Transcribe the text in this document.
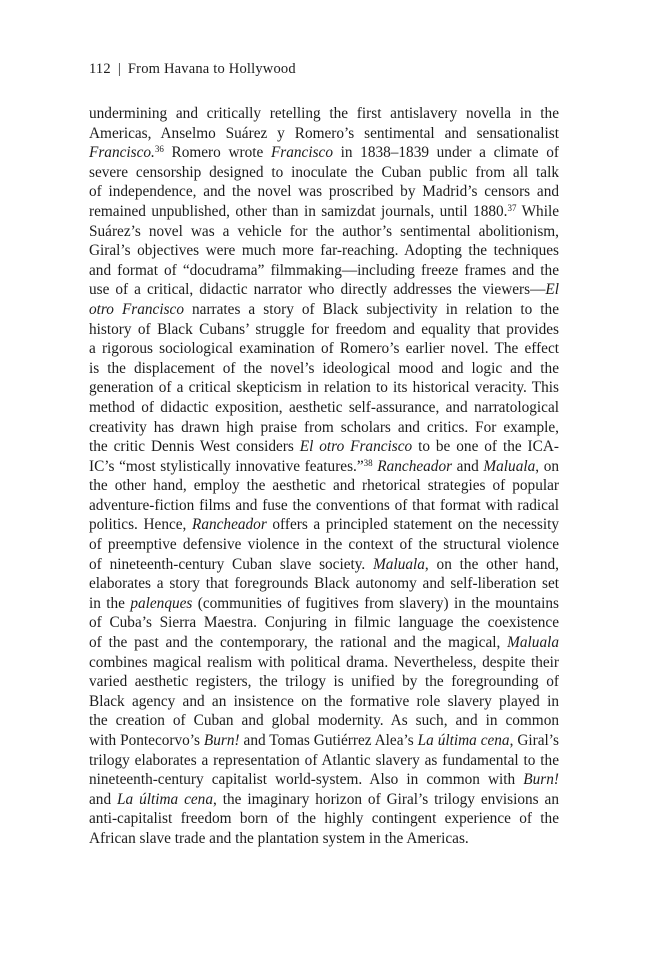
112 | From Havana to Hollywood
undermining and critically retelling the first antislavery novella in the
Americas, Anselmo Suárez y Romero’s sentimental and sensationalist
Francisco.$^{36}$ Romero wrote Francisco in 1838–1839 under a climate of
severe censorship designed to inoculate the Cuban public from all talk
of independence, and the novel was proscribed by Madrid’s censors and
remained unpublished, other than in samizdat journals, until 1880.37 While
Suárez’s novel was a vehicle for the author’s sentimental abolitionism,
Giral’s objectives were much more far-reaching. Adopting the techniques
and format of “docudrama” filmmaking—including freeze frames and the
use of a critical, didactic narrator who directly addresses the viewers—El
otro Francisco narrates a story of Black subjectivity in relation to the
history of Black Cubans’ struggle for freedom and equality that provides
a rigorous sociological examination of Romero’s earlier novel. The effect
is the displacement of the novel’s ideological mood and logic and the
generation of a critical skepticism in relation to its historical veracity. This
method of didactic exposition, aesthetic self-assurance, and narratological
creativity has drawn high praise from scholars and critics. For example,
the critic Dennis West considers El otro Francisco to be one of the ICA-
IC’s “most stylistically innovative features.”$^{38}$ Rancheador and Maluala, on
the other hand, employ the aesthetic and rhetorical strategies of popular
adventure-fiction films and fuse the conventions of that format with radical
politics. Hence, Rancheador offers a principled statement on the necessity
of preemptive defensive violence in the context of the structural violence
of nineteenth-century Cuban slave society. Maluala, on the other hand,
elaborates a story that foregrounds Black autonomy and self-liberation set
in the palenques (communities of fugitives from slavery) in the mountains
of Cuba’s Sierra Maestra. Conjuring in filmic language the coexistence
of the past and the contemporary, the rational and the magical, Maluala
combines magical realism with political drama. Nevertheless, despite their
varied aesthetic registers, the trilogy is unified by the foregrounding of
Black agency and an insistence on the formative role slavery played in
the creation of Cuban and global modernity. As such, and in common
with Pontecorvo’s Burn! and Tomas Gutiérrez Alea’s La última cena, Giral’s
trilogy elaborates a representation of Atlantic slavery as fundamental to the
nineteenth-century capitalist world-system. Also in common with Burn!
and La última cena, the imaginary horizon of Giral’s trilogy envisions an
anti-capitalist freedom born of the highly contingent experience of the
African slave trade and the plantation system in the Americas.
